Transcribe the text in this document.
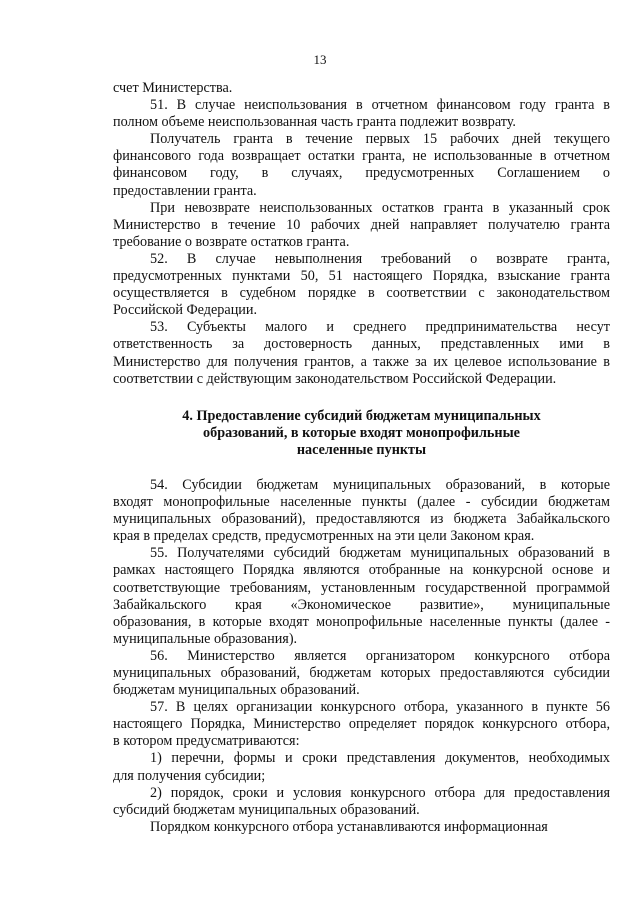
13
счет Министерства.
51. В случае неиспользования в отчетном финансовом году гранта в
полном объеме неиспользованная часть гранта подлежит возврату.
Получатель гранта в течение первых 15 рабочих дней текущего
финансового года возвращает остатки гранта, не использованные в отчетном
финансовом году, в случаях, предусмотренных Соглашением о
предоставлении гранта.
При невозврате неиспользованных остатков гранта в указанный срок
Министерство в течение 10 рабочих дней направляет получателю гранта
требование о возврате остатков гранта.
52. В случае невыполнения требований о возврате гранта,
предусмотренных пунктами 50, 51 настоящего Порядка, взыскание гранта
осуществляется в судебном порядке в соответствии с законодательством
Российской Федерации.
53. Субъекты малого и среднего предпринимательства несут
ответственность за достоверность данных, представленных ими в
Министерство для получения грантов, а также за их целевое использование в
соответствии с действующим законодательством Российской Федерации.
4. Предоставление субсидий бюджетам муниципальных
образований, в которые входят монопрофильные
населенные пункты
54. Субсидии бюджетам муниципальных образований, в которые
входят монопрофильные населенные пункты (далее - субсидии бюджетам
муниципальных образований), предоставляются из бюджета Забайкальского
края в пределах средств, предусмотренных на эти цели Законом края.
55. Получателями субсидий бюджетам муниципальных образований в
рамках настоящего Порядка являются отобранные на конкурсной основе и
соответствующие требованиям, установленным государственной программой
Забайкальского края «Экономическое развитие», муниципальные
образования, в которые входят монопрофильные населенные пункты (далее -
муниципальные образования).
56. Министерство является организатором конкурсного отбора
муниципальных образований, бюджетам которых предоставляются субсидии
бюджетам муниципальных образований.
57. В целях организации конкурсного отбора, указанного в пункте 56
настоящего Порядка, Министерство определяет порядок конкурсного отбора,
в котором предусматриваются:
1) перечни, формы и сроки представления документов, необходимых
для получения субсидии;
2) порядок, сроки и условия конкурсного отбора для предоставления
субсидий бюджетам муниципальных образований.
Порядком конкурсного отбора устанавливаются информационная
